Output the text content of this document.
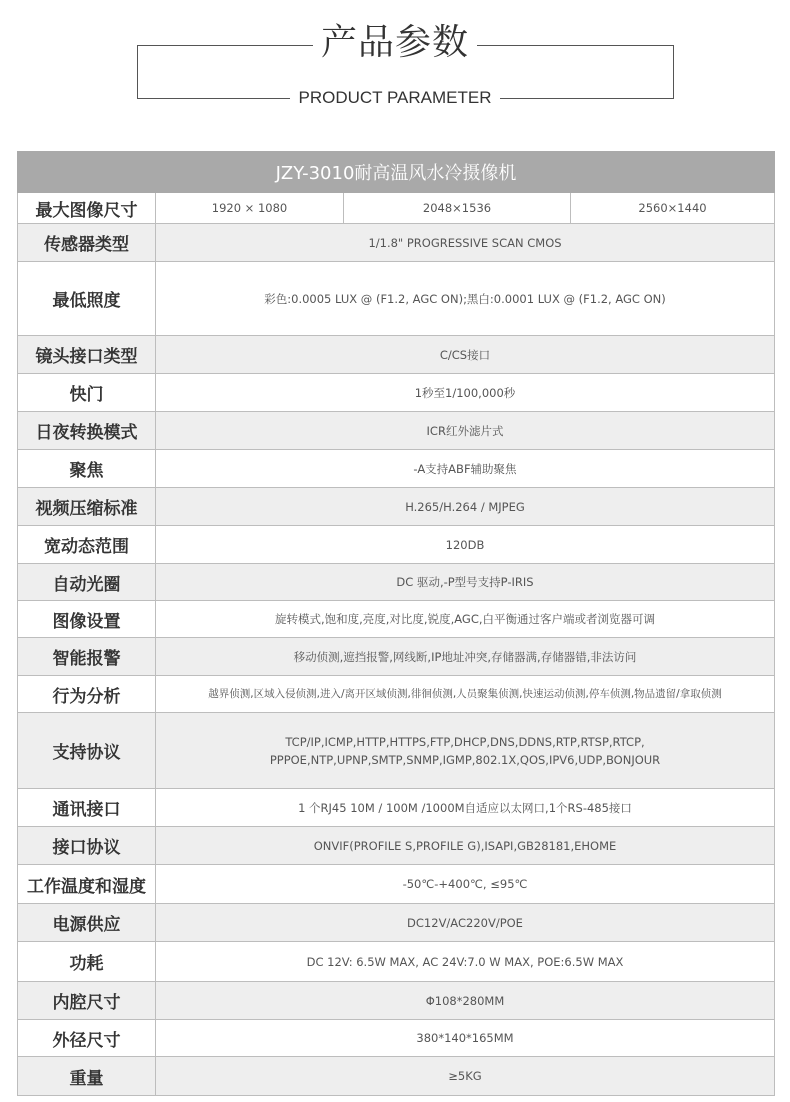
产品参数
PRODUCT PARAMETER
JZY-3010耐高温风水冷摄像机			
最大图像尺寸	1920 × 1080	2048×1536	2560×1440
传感器类型	1/1.8" PROGRESSIVE SCAN CMOS		
最低照度	彩色:0.0005 LUX @ (F1.2, AGC ON);黑白:0.0001 LUX @ (F1.2, AGC ON)		
镜头接口类型	C/CS接口		
快门	1秒至1/100,000秒		
日夜转换模式	ICR红外滤片式		
聚焦	-A支持ABF辅助聚焦		
视频压缩标准	H.265/H.264 / MJPEG		
宽动态范围	120DB		
自动光圈	DC 驱动,-P型号支持P-IRIS		
图像设置	旋转模式,饱和度,亮度,对比度,锐度,AGC,白平衡通过客户端或者浏览器可调		
智能报警	移动侦测,遮挡报警,网线断,IP地址冲突,存储器满,存储器错,非法访问		
行为分析	越界侦测,区域入侵侦测,进入/离开区域侦测,徘徊侦测,人员聚集侦测,快速运动侦测,停车侦测,物品遗留/拿取侦测		
支持协议	TCP/IP,ICMP,HTTP,HTTPS,FTP,DHCP,DNS,DDNS,RTP,RTSP,RTCP,
PPPOE,NTP,UPNP,SMTP,SNMP,IGMP,802.1X,QOS,IPV6,UDP,BONJOUR		

通讯接口	1 个RJ45 10M / 100M /1000M自适应以太网口,1个RS-485接口		
接口协议	ONVIF(PROFILE S,PROFILE G),ISAPI,GB28181,EHOME		
工作温度和湿度	-50℃-+400℃, ≤95℃		
电源供应	DC12V/AC220V/POE		
功耗	DC 12V: 6.5W MAX, AC 24V:7.0 W MAX, POE:6.5W MAX		
内腔尺寸	Φ108*280MM		
外径尺寸	380*140*165MM		
重量	≥5KG		
